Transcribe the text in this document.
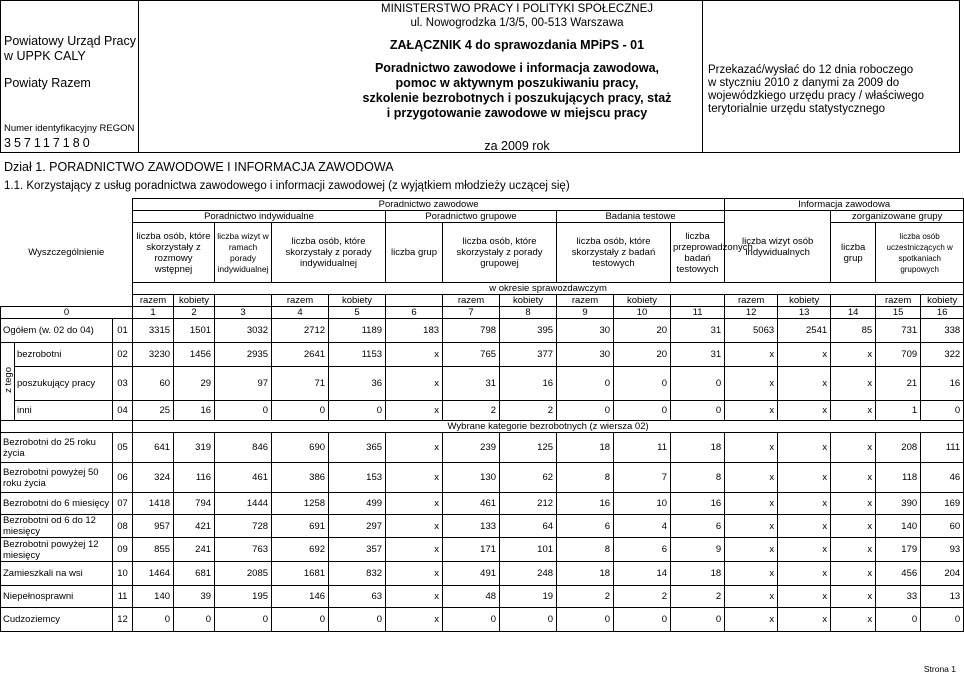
Powiatowy Urząd Pracy
w UPPK CALY
Powiaty Razem
Numer identyfikacyjny REGON
357117180
MINISTERSTWO PRACY I POLITYKI SPOŁECZNEJ
ul. Nowogrodzka 1/3/5, 00-513 Warszawa
ZAŁĄCZNIK 4 do sprawozdania MPiPS - 01
Poradnictwo zawodowe i informacja zawodowa,
pomoc w aktywnym poszukiwaniu pracy,
szkolenie bezrobotnych i poszukujących pracy, staż
i przygotowanie zawodowe w miejscu pracy
za 2009 rok
Przekazać/wysłać do 12 dnia roboczego
w styczniu 2010 z danymi za 2009 do
wojewódzkiego urzędu pracy / właściwego
terytorialnie urzędu statystycznego
Dział 1. PORADNICTWO ZAWODOWE I INFORMACJA ZAWODOWA
1.1. Korzystający z usług poradnictwa zawodowego i informacji zawodowej (z wyjątkiem młodzieży uczącej się)
Wyszczególnienie			Poradnictwo zawodowe											Informacja zawodowa				
			Poradnictwo indywidualne					Poradnictwo grupowe			Badania testowe			liczba wizyt osób indywidualnych		zorganizowane grupy		
			liczba osób, które skorzystały z rozmowy wstępnej		liczba wizyt w ramach porady indywidualnej	liczba osób, które skorzystały z porady indywidualnej		liczba grup	liczba osób, które skorzystały z porady grupowej		liczba osób, które skorzystały z badań testowych		liczba przeprowadzonych badań testowych			liczba grup	liczba osób uczestniczących w spotkaniach grupowych	
			w okresie sprawozdawczym															
			razem	kobiety		razem	kobiety		razem	kobiety	razem	kobiety		razem	kobiety		razem	kobiety
0			1	2	3	4	5	6	7	8	9	10	11	12	13	14	15	16
Ogółem (w. 02 do 04)		01	3315	1501	3032	2712	1189	183	798	395	30	20	31	5063	2541	85	731	338
z tego	bezrobotni	02	3230	1456	2935	2641	1153	x	765	377	30	20	31	x	x	x	709	322
	poszukujący pracy	03	60	29	97	71	36	x	31	16	0	0	0	x	x	x	21	16
	inni	04	25	16	0	0	0	x	2	2	0	0	0	x	x	x	1	0
			Wybrane kategorie bezrobotnych (z wiersza 02)															
Bezrobotni do 25 roku życia		05	641	319	846	690	365	x	239	125	18	11	18	x	x	x	208	111
Bezrobotni powyżej 50 roku życia		06	324	116	461	386	153	x	130	62	8	7	8	x	x	x	118	46
Bezrobotni do 6 miesięcy		07	1418	794	1444	1258	499	x	461	212	16	10	16	x	x	x	390	169
Bezrobotni od 6 do 12 miesięcy		08	957	421	728	691	297	x	133	64	6	4	6	x	x	x	140	60
Bezrobotni powyżej 12 miesięcy		09	855	241	763	692	357	x	171	101	8	6	9	x	x	x	179	93
Zamieszkali na wsi		10	1464	681	2085	1681	832	x	491	248	18	14	18	x	x	x	456	204
Niepełnosprawni		11	140	39	195	146	63	x	48	19	2	2	2	x	x	x	33	13
Cudzoziemcy		12	0	0	0	0	0	x	0	0	0	0	0	x	x	x	0	0
Strona 1
